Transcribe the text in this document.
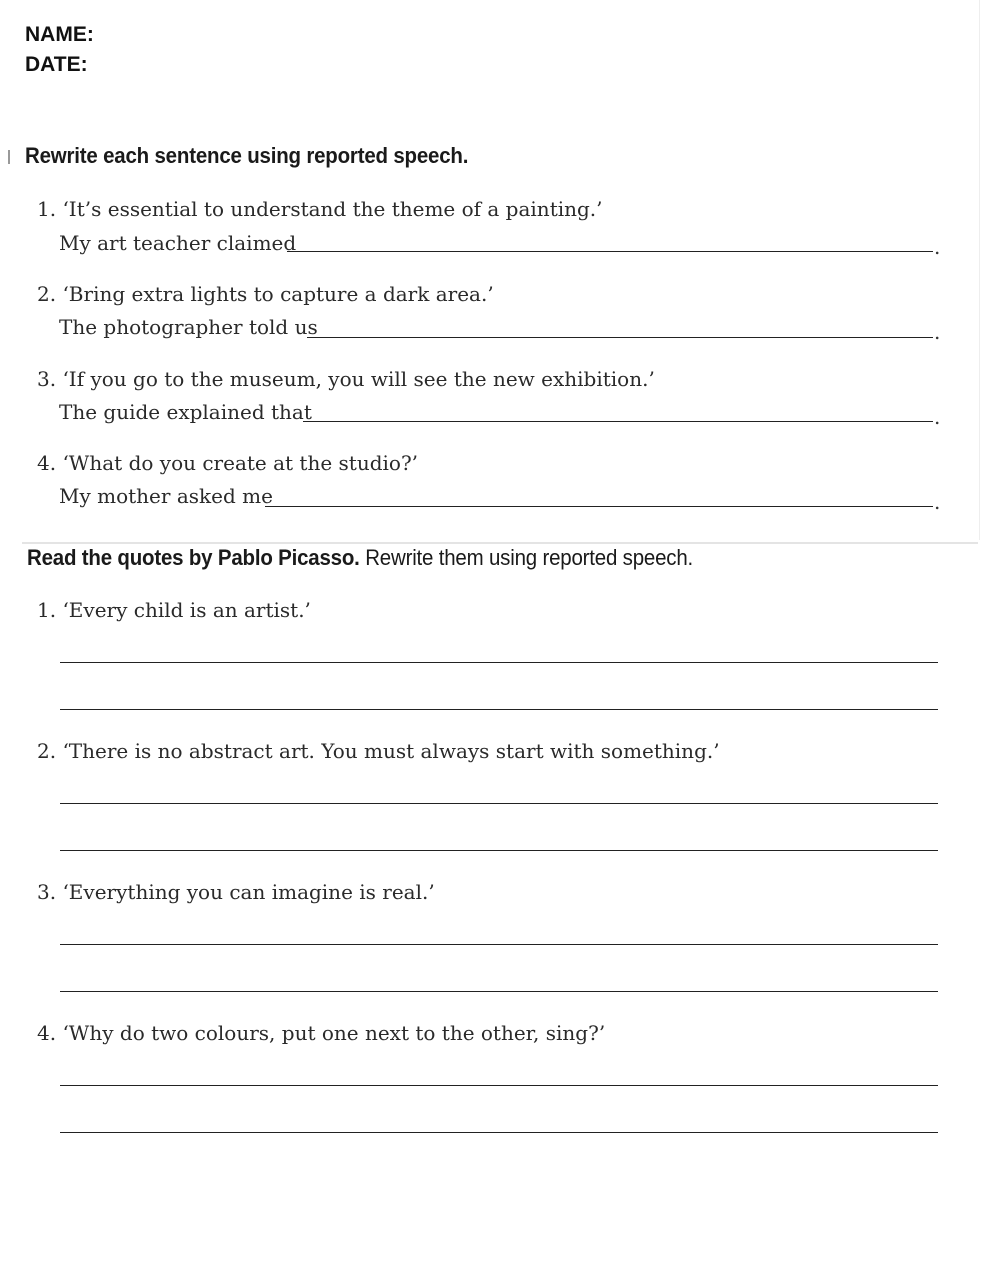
NAME:
DATE:
Rewrite each sentence using reported speech.
1. ‘It’s essential to understand the theme of a painting.’
My art teacher claimed	.
2. ‘Bring extra lights to capture a dark area.’
The photographer told us	.
3. ‘If you go to the museum, you will see the new exhibition.’
The guide explained that	.
4. ‘What do you create at the studio?’
My mother asked me	.
Read the quotes by Pablo Picasso. Rewrite them using reported speech.
1. ‘Every child is an artist.’
2. ‘There is no abstract art. You must always start with something.’
3. ‘Everything you can imagine is real.’
4. ‘Why do two colours, put one next to the other, sing?’
